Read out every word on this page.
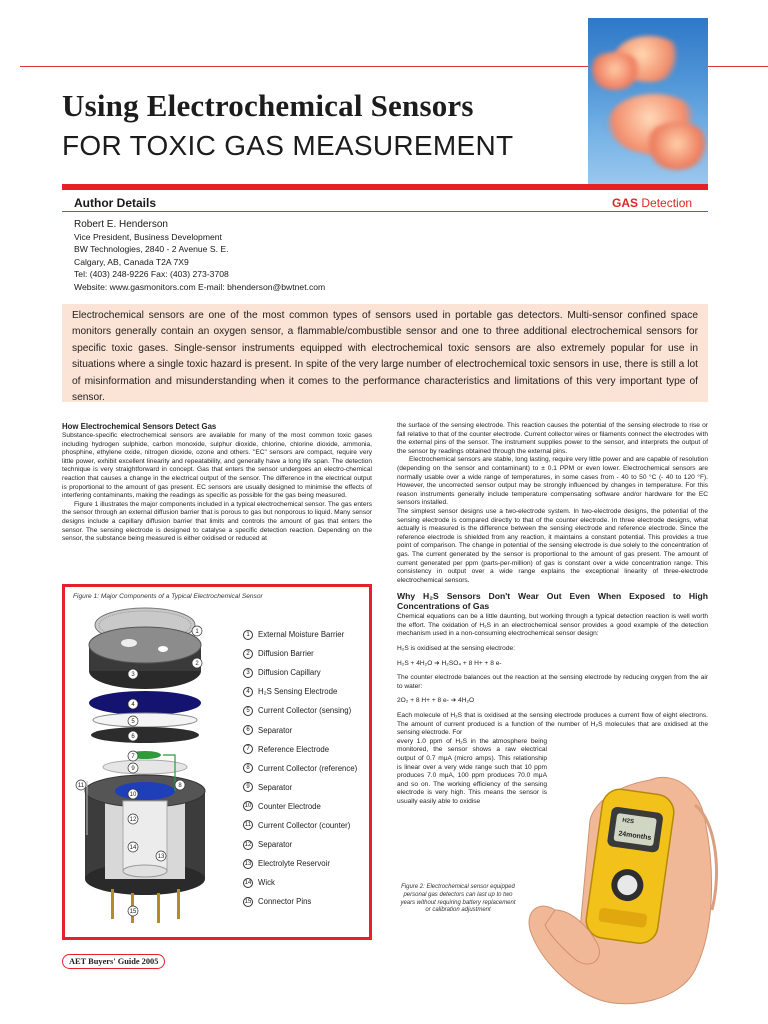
Using Electrochemical Sensors
FOR TOXIC GAS MEASUREMENT
Author Details	GAS Detection
Robert E. Henderson
Vice President, Business Development
BW Technologies, 2840 - 2 Avenue S. E.
Calgary, AB, Canada T2A 7X9
Tel: (403) 248-9226 Fax: (403) 273-3708
Website: www.gasmonitors.com E-mail: bhenderson@bwtnet.com
Electrochemical sensors are one of the most common types of sensors used in portable gas detectors. Multi-sensor confined space monitors generally contain an oxygen sensor, a flammable/combustible sensor and one to three additional electrochemical sensors for specific toxic gases. Single-sensor instruments equipped with electrochemical toxic sensors are also extremely popular for use in situations where a single toxic hazard is present. In spite of the very large number of electrochemical toxic sensors in use, there is still a lot of misinformation and misunderstanding when it comes to the performance characteristics and limitations of this very important type of sensor.
How Electrochemical Sensors Detect Gas

Substance-specific electrochemical sensors are available for many of the most common toxic gases including hydrogen sulphide, carbon monoxide, sulphur dioxide, chlorine, chlorine dioxide, ammonia, phosphine, ethylene oxide, nitrogen dioxide, ozone and others. "EC" sensors are compact, require very little power, exhibit excellent linearity and repeatability, and generally have a long life span. The detection technique is very straightforward in concept. Gas that enters the sensor undergoes an electro-chemical reaction that causes a change in the electrical output of the sensor. The difference in the electrical output is proportional to the amount of gas present. EC sensors are usually designed to minimise the effects of interfering contaminants, making the readings as specific as possible for the gas being measured.

Figure 1 illustrates the major components included in a typical electrochemical sensor. The gas enters the sensor through an external diffusion barrier that is porous to gas but nonporous to liquid. Many sensor designs include a capillary diffusion barrier that limits and controls the amount of gas that enters the sensor. The sensing electrode is designed to catalyse a specific detection reaction. Depending on the sensor, the substance being measured is either oxidised or reduced at

the surface of the sensing electrode. This reaction causes the potential of the sensing electrode to rise or fall relative to that of the counter electrode. Current collector wires or filaments connect the electrodes with the external pins of the sensor. The instrument supplies power to the sensor, and interprets the output of the sensor by readings obtained through the external pins.

Electrochemical sensors are stable, long lasting, require very little power and are capable of resolution (depending on the sensor and contaminant) to ± 0.1 PPM or even lower. Electrochemical sensors are normally usable over a wide range of temperatures, in some cases from - 40 to 50 °C (- 40 to 120 °F). However, the uncorrected sensor output may be strongly influenced by changes in temperature. For this reason instruments generally include temperature compensating software and/or hardware for the EC sensors installed.

The simplest sensor designs use a two-electrode system. In two-electrode designs, the potential of the sensing electrode is compared directly to that of the counter electrode. In three electrode designs, what actually is measured is the difference between the sensing electrode and reference electrode. Since the reference electrode is shielded from any reaction, it maintains a constant potential. This provides a true point of comparison. The change in potential of the sensing electrode is due solely to the concentration of gas. The current generated by the sensor is proportional to the amount of gas present. The amount of current generated per ppm (parts-per-million) of gas is constant over a wide concentration range. This consistency in output over a wide range explains the exceptional linearity of three-electrode electrochemical sensors.

Why H₂S Sensors Don't Wear Out Even When Exposed to High Concentrations of Gas

Chemical equations can be a little daunting, but working through a typical detection reaction is well worth the effort. The oxidation of H₂S in an electrochemical sensor provides a good example of the detection mechanism used in a non-consuming electrochemical sensor design:

H₂S is oxidised at the sensing electrode:

H₂S + 4H₂O ➔ H₂SO₄ + 8 H+ + 8 e-

The counter electrode balances out the reaction at the sensing electrode by reducing oxygen from the air to water:

2O₂ + 8 H+ + 8 e- ➔ 4H₂O

Each molecule of H₂S that is oxidised at the sensing electrode produces a current flow of eight electrons. The amount of current produced is a function of the number of H₂S molecules that are oxidised at the sensing electrode. For

every 1.0 ppm of H₂S in the atmosphere being monitored, the sensor shows a raw electrical output of 0.7 mμA (micro amps). This relationship is linear over a very wide range such that 10 ppm produces 7.0 mμA, 100 ppm produces 70.0 mμA and so on. The working efficiency of the sensing electrode is very high. This means the sensor is usually easily able to oxidise

Figure 1: Major Components of a Typical Electrochemical Sensor
1
2
3
4
5
6
7
8
9
10
11
12
13
14
15
1	External Moisture Barrier
2	Diffusion Barrier
3	Diffusion Capillary
4	H₂S Sensing Electrode
5	Current Collector (sensing)
6	Separator
7	Reference Electrode
8	Current Collector (reference)
9	Separator
10 Counter Electrode
11 Current Collector (counter)
12 Separator
13 Electrolyte Reservoir
14 Wick
15 Connector Pins
H2S
24months
Figure 2: Electrochemical sensor equipped personal gas detectors can last up to two years without requiring battery replacement or calibration adjustment
AET Buyers' Guide 2005
